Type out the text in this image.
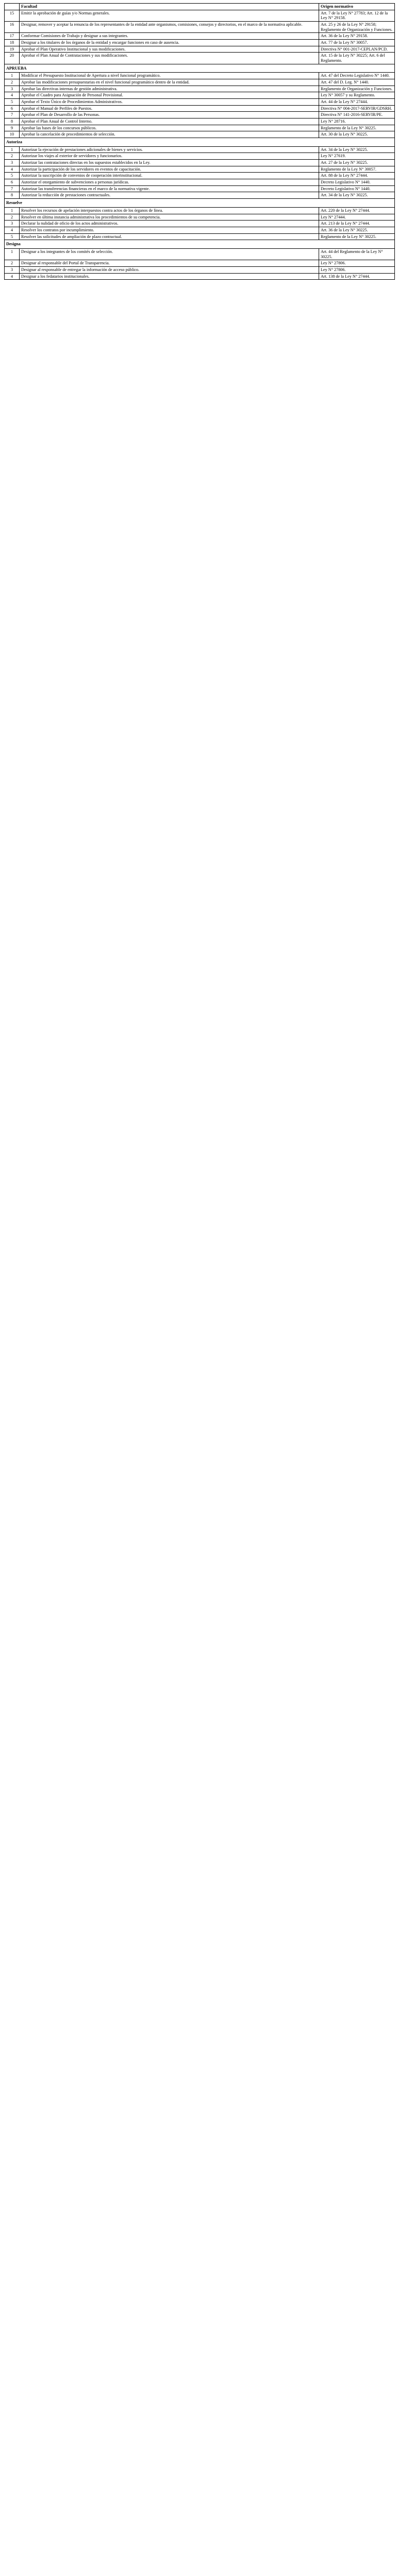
	Facultad	Origen normativo
15	Emitir la aprobación de guías y/o Normas generales.	Art. 7 de la Ley N° 27783; Art. 12 de la Ley N° 29158.
16	Designar, remover y aceptar la renuncia de los representantes de la entidad ante organismos, comisiones, consejos y directorios, en el marco de la normativa aplicable.	Art. 25 y 26 de la Ley N° 29158; Reglamento de Organización y Funciones.
17	Conformar Comisiones de Trabajo y designar a sus integrantes.	Art. 36 de la Ley N° 29158.
18	Designar a los titulares de los órganos de la entidad y encargar funciones en caso de ausencia.	Art. 77 de la Ley N° 30057.
19	Aprobar el Plan Operativo Institucional y sus modificaciones.	Directiva N° 001-2017-CEPLAN/PCD.
20	Aprobar el Plan Anual de Contrataciones y sus modificaciones.	Art. 15 de la Ley N° 30225; Art. 6 del Reglamento.
APRUEBA		
1	Modificar el Presupuesto Institucional de Apertura a nivel funcional programático.	Art. 47 del Decreto Legislativo N° 1440.
2	Aprobar las modificaciones presupuestarias en el nivel funcional programático dentro de la entidad.	Art. 47 del D. Leg. N° 1440.
3	Aprobar las directivas internas de gestión administrativa.	Reglamento de Organización y Funciones.
4	Aprobar el Cuadro para Asignación de Personal Provisional.	Ley N° 30057 y su Reglamento.
5	Aprobar el Texto Único de Procedimientos Administrativos.	Art. 44 de la Ley N° 27444.
6	Aprobar el Manual de Perfiles de Puestos.	Directiva N° 004-2017-SERVIR/GDSRH.
7	Aprobar el Plan de Desarrollo de las Personas.	Directiva N° 141-2016-SERVIR/PE.
8	Aprobar el Plan Anual de Control Interno.	Ley N° 28716.
9	Aprobar las bases de los concursos públicos.	Reglamento de la Ley N° 30225.
10	Aprobar la cancelación de procedimientos de selección.	Art. 30 de la Ley N° 30225.
Autoriza		
1	Autorizar la ejecución de prestaciones adicionales de bienes y servicios.	Art. 34 de la Ley N° 30225.
2	Autorizar los viajes al exterior de servidores y funcionarios.	Ley N° 27619.
3	Autorizar las contrataciones directas en los supuestos establecidos en la Ley.	Art. 27 de la Ley N° 30225.
4	Autorizar la participación de los servidores en eventos de capacitación.	Reglamento de la Ley N° 30057.
5	Autorizar la suscripción de convenios de cooperación interinstitucional.	Art. 88 de la Ley N° 27444.
6	Autorizar el otorgamiento de subvenciones a personas jurídicas.	Decreto Legislativo N° 1440.
7	Autorizar las transferencias financieras en el marco de la normativa vigente.	Decreto Legislativo N° 1440.
8	Autorizar la reducción de prestaciones contractuales.	Art. 34 de la Ley N° 30225.
Resuelve		
1	Resolver los recursos de apelación interpuestos contra actos de los órganos de línea.	Art. 220 de la Ley N° 27444.
2	Resolver en última instancia administrativa los procedimientos de su competencia.	Ley N° 27444.
3	Declarar la nulidad de oficio de los actos administrativos.	Art. 213 de la Ley N° 27444.
4	Resolver los contratos por incumplimiento.	Art. 36 de la Ley N° 30225.
5	Resolver las solicitudes de ampliación de plazo contractual.	Reglamento de la Ley N° 30225.
Designa		
1	Designar a los integrantes de los comités de selección.	Art. 44 del Reglamento de la Ley N° 30225.
2	Designar al responsable del Portal de Transparencia.	Ley N° 27806.
3	Designar al responsable de entregar la información de acceso público.	Ley N° 27806.
4	Designar a los fedatarios institucionales.	Art. 138 de la Ley N° 27444.
